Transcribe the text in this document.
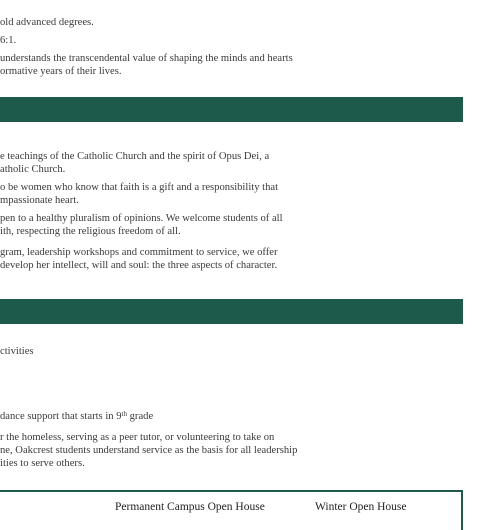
old advanced degrees.
6:1.
understands the transcendental value of shaping the minds and hearts
ormative years of their lives.
e teachings of the Catholic Church and the spirit of Opus Dei, a
atholic Church.
o be women who know that faith is a gift and a responsibility that
mpassionate heart.
pen to a healthy pluralism of opinions. We welcome students of all
ith, respecting the religious freedom of all.
gram, leadership workshops and commitment to service, we offer
develop her intellect, will and soul: the three aspects of character.
ctivities
dance support that starts in 9th grade
r the homeless, serving as a peer tutor, or volunteering to take on
ne, Oakcrest students understand service as the basis for all leadership
ities to serve others.
Permanent Campus Open House	Winter Open House
